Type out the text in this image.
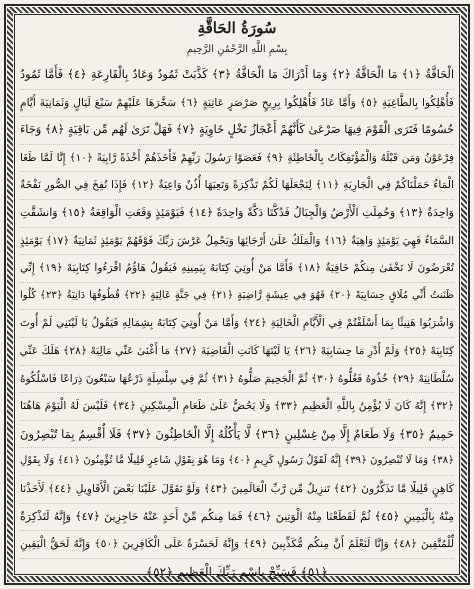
سُورَةُ الحَاقَّةِ
بِسْمِ اللَّهِ الرَّحْمَٰنِ الرَّحِيمِ
الْحَاقَّةُ ﴿١﴾ مَا الْحَاقَّةُ ﴿٢﴾ وَمَا أَدْرَاكَ مَا الْحَاقَّةُ ﴿٣﴾ كَذَّبَتْ ثَمُودُ وَعَادٌ بِالْقَارِعَةِ ﴿٤﴾ فَأَمَّا ثَمُودُ
فَأُهْلِكُوا بِالطَّاغِيَةِ ﴿٥﴾ وَأَمَّا عَادٌ فَأُهْلِكُوا بِرِيحٍ صَرْصَرٍ عَاتِيَةٍ ﴿٦﴾ سَخَّرَهَا عَلَيْهِمْ سَبْعَ لَيَالٍ وَثَمَانِيَةَ أَيَّامٍ
حُسُومًا فَتَرَى الْقَوْمَ فِيهَا صَرْعَىٰ كَأَنَّهُمْ أَعْجَازُ نَخْلٍ خَاوِيَةٍ ﴿٧﴾ فَهَلْ تَرَىٰ لَهُم مِّن بَاقِيَةٍ ﴿٨﴾ وَجَاءَ
فِرْعَوْنُ وَمَن قَبْلَهُ وَالْمُؤْتَفِكَاتُ بِالْخَاطِئَةِ ﴿٩﴾ فَعَصَوْا رَسُولَ رَبِّهِمْ فَأَخَذَهُمْ أَخْذَةً رَّابِيَةً ﴿١٠﴾ إِنَّا لَمَّا طَغَا
الْمَاءُ حَمَلْنَاكُمْ فِي الْجَارِيَةِ ﴿١١﴾ لِنَجْعَلَهَا لَكُمْ تَذْكِرَةً وَتَعِيَهَا أُذُنٌ وَاعِيَةٌ ﴿١٢﴾ فَإِذَا نُفِخَ فِي الصُّورِ نَفْخَةٌ
وَاحِدَةٌ ﴿١٣﴾ وَحُمِلَتِ الْأَرْضُ وَالْجِبَالُ فَدُكَّتَا دَكَّةً وَاحِدَةً ﴿١٤﴾ فَيَوْمَئِذٍ وَقَعَتِ الْوَاقِعَةُ ﴿١٥﴾ وَانشَقَّتِ
السَّمَاءُ فَهِيَ يَوْمَئِذٍ وَاهِيَةٌ ﴿١٦﴾ وَالْمَلَكُ عَلَىٰ أَرْجَائِهَا وَيَحْمِلُ عَرْشَ رَبِّكَ فَوْقَهُمْ يَوْمَئِذٍ ثَمَانِيَةٌ ﴿١٧﴾ يَوْمَئِذٍ
تُعْرَضُونَ لَا تَخْفَىٰ مِنكُمْ خَافِيَةٌ ﴿١٨﴾ فَأَمَّا مَنْ أُوتِيَ كِتَابَهُ بِيَمِينِهِ فَيَقُولُ هَاؤُمُ اقْرَءُوا كِتَابِيَهْ ﴿١٩﴾ إِنِّي
ظَنَنتُ أَنِّي مُلَاقٍ حِسَابِيَهْ ﴿٢٠﴾ فَهُوَ فِي عِيشَةٍ رَّاضِيَةٍ ﴿٢١﴾ فِي جَنَّةٍ عَالِيَةٍ ﴿٢٢﴾ قُطُوفُهَا دَانِيَةٌ ﴿٢٣﴾ كُلُوا
وَاشْرَبُوا هَنِيئًا بِمَا أَسْلَفْتُمْ فِي الْأَيَّامِ الْخَالِيَةِ ﴿٢٤﴾ وَأَمَّا مَنْ أُوتِيَ كِتَابَهُ بِشِمَالِهِ فَيَقُولُ يَا لَيْتَنِي لَمْ أُوتَ
كِتَابِيَهْ ﴿٢٥﴾ وَلَمْ أَدْرِ مَا حِسَابِيَهْ ﴿٢٦﴾ يَا لَيْتَهَا كَانَتِ الْقَاضِيَةَ ﴿٢٧﴾ مَا أَغْنَىٰ عَنِّي مَالِيَهْ ﴿٢٨﴾ هَلَكَ عَنِّي
سُلْطَانِيَهْ ﴿٢٩﴾ خُذُوهُ فَغُلُّوهُ ﴿٣٠﴾ ثُمَّ الْجَحِيمَ صَلُّوهُ ﴿٣١﴾ ثُمَّ فِي سِلْسِلَةٍ ذَرْعُهَا سَبْعُونَ ذِرَاعًا فَاسْلُكُوهُ
﴿٣٢﴾ إِنَّهُ كَانَ لَا يُؤْمِنُ بِاللَّهِ الْعَظِيمِ ﴿٣٣﴾ وَلَا يَحُضُّ عَلَىٰ طَعَامِ الْمِسْكِينِ ﴿٣٤﴾ فَلَيْسَ لَهُ الْيَوْمَ هَاهُنَا
حَمِيمٌ ﴿٣٥﴾ وَلَا طَعَامٌ إِلَّا مِنْ غِسْلِينٍ ﴿٣٦﴾ لَّا يَأْكُلُهُ إِلَّا الْخَاطِئُونَ ﴿٣٧﴾ فَلَا أُقْسِمُ بِمَا تُبْصِرُونَ
﴿٣٨﴾ وَمَا لَا تُبْصِرُونَ ﴿٣٩﴾ إِنَّهُ لَقَوْلُ رَسُولٍ كَرِيمٍ ﴿٤٠﴾ وَمَا هُوَ بِقَوْلِ شَاعِرٍ قَلِيلًا مَّا تُؤْمِنُونَ ﴿٤١﴾ وَلَا بِقَوْلِ
كَاهِنٍ قَلِيلًا مَّا تَذَكَّرُونَ ﴿٤٢﴾ تَنزِيلٌ مِّن رَّبِّ الْعَالَمِينَ ﴿٤٣﴾ وَلَوْ تَقَوَّلَ عَلَيْنَا بَعْضَ الْأَقَاوِيلِ ﴿٤٤﴾ لَأَخَذْنَا
مِنْهُ بِالْيَمِينِ ﴿٤٥﴾ ثُمَّ لَقَطَعْنَا مِنْهُ الْوَتِينَ ﴿٤٦﴾ فَمَا مِنكُم مِّنْ أَحَدٍ عَنْهُ حَاجِزِينَ ﴿٤٧﴾ وَإِنَّهُ لَتَذْكِرَةٌ
لِّلْمُتَّقِينَ ﴿٤٨﴾ وَإِنَّا لَنَعْلَمُ أَنَّ مِنكُم مُّكَذِّبِينَ ﴿٤٩﴾ وَإِنَّهُ لَحَسْرَةٌ عَلَى الْكَافِرِينَ ﴿٥٠﴾ وَإِنَّهُ لَحَقُّ الْيَقِينِ
﴿٥١﴾ فَسَبِّحْ بِاسْمِ رَبِّكَ الْعَظِيمِ ﴿٥٢﴾
